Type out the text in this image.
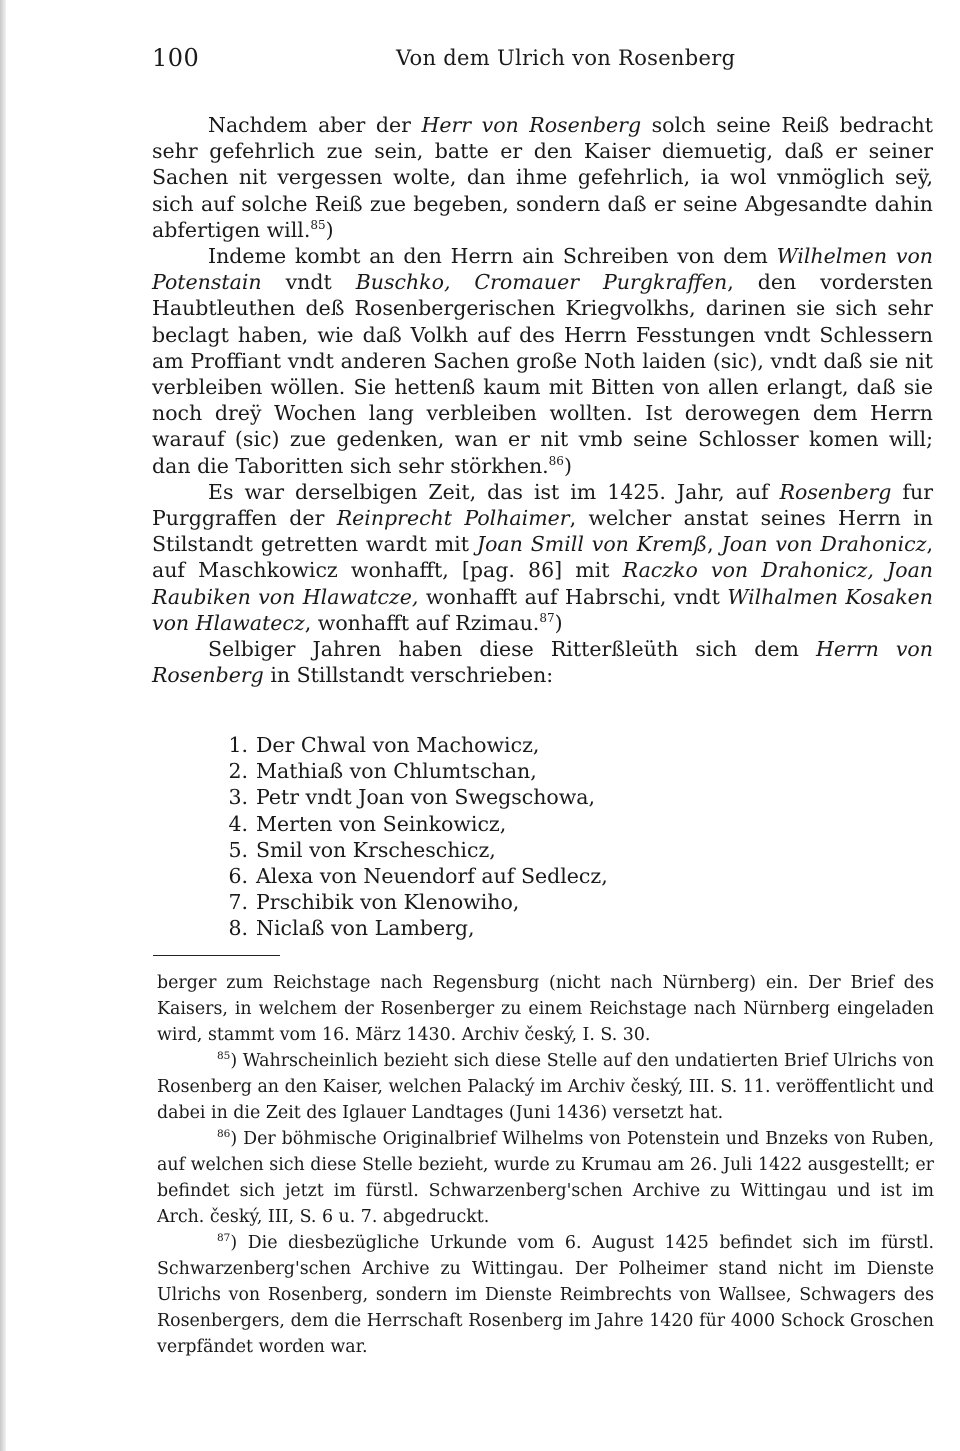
100	Von dem Ulrich von Rosenberg

Nachdem aber der Herr von Rosenberg solch seine Reiß bedracht sehr gefehrlich zue sein, batte er den Kaiser diemuetig, daß er seiner Sachen nit vergessen wolte, dan ihme gefehrlich, ia wol vnmöglich seÿ, sich auf solche Reiß zue begeben, sondern daß er seine Abgesandte dahin abfertigen will.$^{85}$)

Indeme kombt an den Herrn ain Schreiben von dem Wilhelmen von Potenstain vndt Buschko, Cromauer Purgkraffen, den vordersten Haubtleuthen deß Rosenbergerischen Kriegvolkhs, darinen sie sich sehr beclagt haben, wie daß Volkh auf des Herrn Fesstungen vndt Schlessern am Proffiant vndt anderen Sachen große Noth laiden (sic), vndt daß sie nit verbleiben wöllen. Sie hettenß kaum mit Bitten von allen erlangt, daß sie noch dreÿ Wochen lang verbleiben wollten. Ist derowegen dem Herrn warauf (sic) zue gedenken, wan er nit vmb seine Schlosser komen will; dan die Taboritten sich sehr störkhen.$^{86}$)

Es war derselbigen Zeit, das ist im 1425. Jahr, auf Rosenberg fur Purggraffen der Reinprecht Polhaimer, welcher anstat seines Herrn in Stilstandt getretten wardt mit Joan Smill von Kremß, Joan von Drahonicz, auf Maschkowicz wonhafft, [pag. 86] mit Raczko von Drahonicz, Joan Raubiken von Hlawatcze, wonhafft auf Habrschi, vndt Wilhalmen Kosaken von Hlawatecz, wonhafft auf Rzimau.$^{87}$)

Selbiger Jahren haben diese Ritterßleüth sich dem Herrn von Rosenberg in Stillstandt verschrieben:

1. Der Chwal von Machowicz,
2. Mathiaß von Chlumtschan,
3. Petr vndt Joan von Swegschowa,
4. Merten von Seinkowicz,
5. Smil von Krscheschicz,
6. Alexa von Neuendorf auf Sedlecz,
7. Prschibik von Klenowiho,
8. Niclaß von Lamberg,

berger zum Reichstage nach Regensburg (nicht nach Nürnberg) ein. Der Brief des Kaisers, in welchem der Rosenberger zu einem Reichstage nach Nürnberg eingeladen wird, stammt vom 16. März 1430. Archiv český, I. S. 30.

$^{85}$) Wahrscheinlich bezieht sich diese Stelle auf den undatierten Brief Ulrichs von Rosenberg an den Kaiser, welchen Palacký im Archiv český, III. S. 11. veröffentlicht und dabei in die Zeit des Iglauer Landtages (Juni 1436) versetzt hat.

$^{86}$) Der böhmische Originalbrief Wilhelms von Potenstein und Bnzeks von Ruben, auf welchen sich diese Stelle bezieht, wurde zu Krumau am 26. Juli 1422 ausgestellt; er befindet sich jetzt im fürstl. Schwarzenberg'schen Archive zu Wittingau und ist im Arch. český, III, S. 6 u. 7. abgedruckt.

$^{87}$) Die diesbezügliche Urkunde vom 6. August 1425 befindet sich im fürstl. Schwarzenberg'schen Archive zu Wittingau. Der Polheimer stand nicht im Dienste Ulrichs von Rosenberg, sondern im Dienste Reimbrechts von Wallsee, Schwagers des Rosenbergers, dem die Herrschaft Rosenberg im Jahre 1420 für 4000 Schock Groschen verpfändet worden war.
